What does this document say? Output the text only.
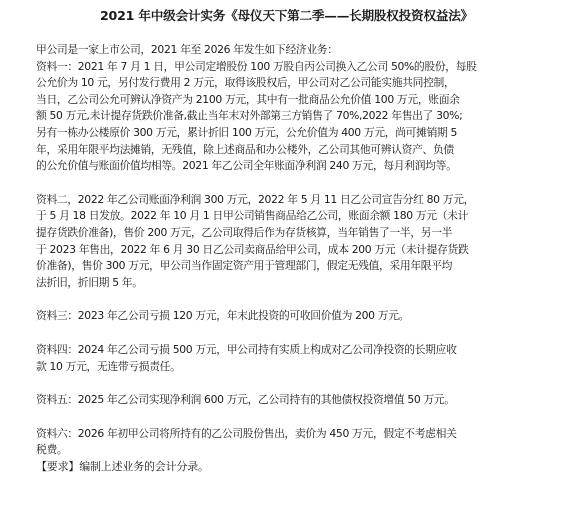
2021 年中级会计实务《母仪天下第二季——长期股权投资权益法》
甲公司是一家上市公司，2021 年至 2026 年发生如下经济业务：
资料一：2021 年 7 月 1 日，甲公司定增股份 100 万股自丙公司换入乙公司 50%的股份，每股
公允价为 10 元，另付发行费用 2 万元，取得该股权后，甲公司对乙公司能实施共同控制，
当日，乙公司公允可辨认净资产为 2100 万元，其中有一批商品公允价值 100 万元，账面余
额 50 万元,未计提存货跌价准备,截止当年末对外部第三方销售了 70%,2022 年售出了 30%;
另有一栋办公楼原价 300 万元，累计折旧 100 万元，公允价值为 400 万元，尚可摊销期 5
年，采用年限平均法摊销，无残值，除上述商品和办公楼外，乙公司其他可辨认资产、负债
的公允价值与账面价值均相等。2021 年乙公司全年账面净利润 240 万元，每月利润均等。
资料二，2022 年乙公司账面净利润 300 万元，2022 年 5 月 11 日乙公司宣告分红 80 万元，
于 5 月 18 日发放。2022 年 10 月 1 日甲公司销售商品给乙公司，账面余额 180 万元（未计
提存货跌价准备)，售价 200 万元，乙公司取得后作为存货核算，当年销售了一半，另一半
于 2023 年售出，2022 年 6 月 30 日乙公司卖商品给甲公司，成本 200 万元（未计提存货跌
价准备)，售价 300 万元，甲公司当作固定资产用于管理部门，假定无残值，采用年限平均
法折旧，折旧期 5 年。
资料三：2023 年乙公司亏损 120 万元，年末此投资的可收回价值为 200 万元。
资料四：2024 年乙公司亏损 500 万元，甲公司持有实质上构成对乙公司净投资的长期应收
款 10 万元，无连带亏损责任。
资料五：2025 年乙公司实现净利润 600 万元，乙公司持有的其他债权投资增值 50 万元。
资料六：2026 年初甲公司将所持有的乙公司股份售出，卖价为 450 万元，假定不考虑相关
税费。
【要求】编制上述业务的会计分录。
